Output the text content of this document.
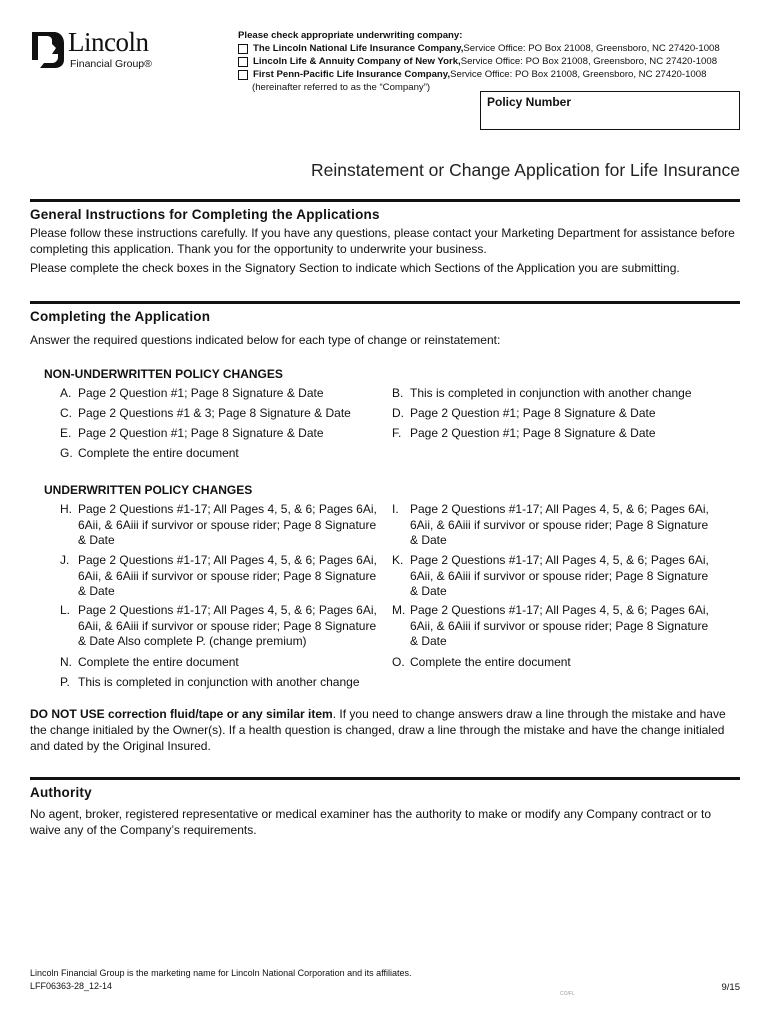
Lincoln
Financial Group®
Please check appropriate underwriting company:
The Lincoln National Life Insurance Company, Service Office: PO Box 21008, Greensboro, NC 27420-1008
Lincoln Life & Annuity Company of New York, Service Office: PO Box 21008, Greensboro, NC 27420-1008
First Penn-Pacific Life Insurance Company, Service Office: PO Box 21008, Greensboro, NC 27420-1008
(hereinafter referred to as the “Company”)
Policy Number
Reinstatement or Change Application for Life Insurance
General Instructions for Completing the Applications
Please follow these instructions carefully. If you have any questions, please contact your Marketing Department for assistance before completing this application. Thank you for the opportunity to underwrite your business.
Please complete the check boxes in the Signatory Section to indicate which Sections of the Application you are submitting.
Completing the Application
Answer the required questions indicated below for each type of change or reinstatement:
NON-UNDERWRITTEN POLICY CHANGES
A. Page 2 Question #1; Page 8 Signature & Date
C. Page 2 Questions #1 & 3; Page 8 Signature & Date
E. Page 2 Question #1; Page 8 Signature & Date
G. Complete the entire document
B. This is completed in conjunction with another change
D. Page 2 Question #1; Page 8 Signature & Date
F. Page 2 Question #1; Page 8 Signature & Date
UNDERWRITTEN POLICY CHANGES
H. Page 2 Questions #1-17; All Pages 4, 5, & 6; Pages 6Ai, 6Aii, & 6Aiii if survivor or spouse rider; Page 8 Signature & Date
J. Page 2 Questions #1-17; All Pages 4, 5, & 6; Pages 6Ai, 6Aii, & 6Aiii if survivor or spouse rider; Page 8 Signature & Date
L. Page 2 Questions #1-17; All Pages 4, 5, & 6; Pages 6Ai, 6Aii, & 6Aiii if survivor or spouse rider; Page 8 Signature & Date Also complete P. (change premium)
N. Complete the entire document
P. This is completed in conjunction with another change
I. Page 2 Questions #1-17; All Pages 4, 5, & 6; Pages 6Ai, 6Aii, & 6Aiii if survivor or spouse rider; Page 8 Signature & Date
K. Page 2 Questions #1-17; All Pages 4, 5, & 6; Pages 6Ai, 6Aii, & 6Aiii if survivor or spouse rider; Page 8 Signature & Date
M. Page 2 Questions #1-17; All Pages 4, 5, & 6; Pages 6Ai, 6Aii, & 6Aiii if survivor or spouse rider; Page 8 Signature & Date
O. Complete the entire document
DO NOT USE correction fluid/tape or any similar item. If you need to change answers draw a line through the mistake and have the change initialed by the Owner(s). If a health question is changed, draw a line through the mistake and have the change initialed and dated by the Original Insured.
Authority
No agent, broker, registered representative or medical examiner has the authority to make or modify any Company contract or to waive any of the Company’s requirements.
Lincoln Financial Group is the marketing name for Lincoln National Corporation and its affiliates.
LFF06363-28_12-14	9/15
CO/FL
